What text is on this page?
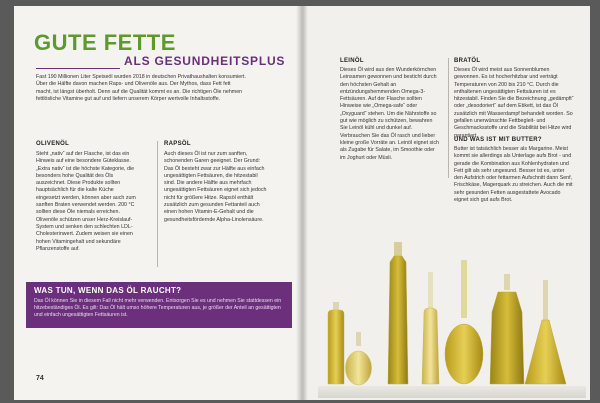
GUTE FETTE
ALS GESUNDHEITSPLUS

Fast 190 Millionen Liter Speiseöl wurden 2018 in deutschen Privathaushalten konsumiert. Über die Hälfte davon machen Raps- und Olivenöle aus. Der Mythos, dass Fett fett macht, ist längst überholt. Denn auf die Qualität kommt es an. Die richtigen Öle nehmen fettlösliche Vitamine gut auf und liefern unserem Körper wertvolle Inhaltsstoffe.

OLIVENÖL

Steht „nativ“ auf der Flasche, ist das ein Hinweis auf eine besondere Güteklasse. „Extra nativ“ ist die höchste Kategorie, die besonders hohe Qualität des Öls auszeichnet. Diese Produkte sollten hauptsächlich für die kalte Küche eingesetzt werden, können aber auch zum sanften Braten verwendet werden. 200 °C sollten diese Öle niemals erreichen. Olivenöle schützen unser Herz-Kreislauf-System und senken den schlechten LDL-Cholesterinwert. Zudem weisen sie einen hohen Vitamingehalt und sekundäre Pflanzenstoffe auf.

RAPSÖL

Auch dieses Öl ist nur zum sanften, schonenden Garen geeignet. Der Grund: Das Öl besteht zwar zur Hälfte aus einfach ungesättigten Fettsäuren, die hitzestabil sind. Die andere Hälfte aus mehrfach ungesättigten Fettsäuren eignet sich jedoch nicht für größere Hitze. Rapsöl enthält zusätzlich zum gesunden Fettanteil auch einen hohen Vitamin-E-Gehalt und die gesundheitsfördernde Alpha-Linolensäure.

WAS TUN, WENN DAS ÖL RAUCHT?

Das Öl können Sie in diesem Fall nicht mehr verwenden. Entsorgen Sie es und nehmen Sie stattdessen ein hitzebeständiges Öl. Es gilt: Das Öl hält umso höhere Temperaturen aus, je größer der Anteil an gesättigten und einfach ungesättigten Fettsäuren ist.

74
LEINÖL

Dieses Öl wird aus den Wunderkörnchen Leinsamen gewonnen und besticht durch den höchsten Gehalt an entzündungshemmenden Omega-3-Fettsäuren. Auf der Flasche sollten Hinweise wie „Omega-safe“ oder „Oxyguard“ stehen. Um die Nährstoffe so gut wie möglich zu schützen, bewahren Sie Leinöl kühl und dunkel auf. Verbrauchen Sie das Öl rasch und lieber kleine große Vorräte an. Leinöl eignet sich als Zugabe für Salate, im Smoothie oder im Joghurt oder Müsli.

BRATÖL

Dieses Öl wird meist aus Sonnenblumen gewonnen. Es ist hocherhitzbar und verträgt Temperaturen von 200 bis 210 °C. Durch die enthaltenen ungesättigten Fettsäuren ist es hitzestabil. Finden Sie die Bezeichnung „gedämpft“ oder „desodoriert“ auf dem Etikett, ist das Öl zusätzlich mit Wasserdampf behandelt worden. So gefallen unerwünschte Fettbegleit- und Geschmacksstoffe und die Stabilität bei Hitze wird garantiert.

UND WAS IST MIT BUTTER?

Butter ist tatsächlich besser als Margarine. Meist kommt sie allerdings als Unterlage aufs Brot - und gerade die Kombination aus Kohlenhydraten und Fett gilt als sehr ungesund. Besser ist es, unter den Aufstrich oder fettarmen Aufschnitt dann Senf, Frischkäse, Magerquark zu streichen. Auch die mit sehr gesunden Fetten ausgestattete Avocado eignet sich gut aufs Brot.
